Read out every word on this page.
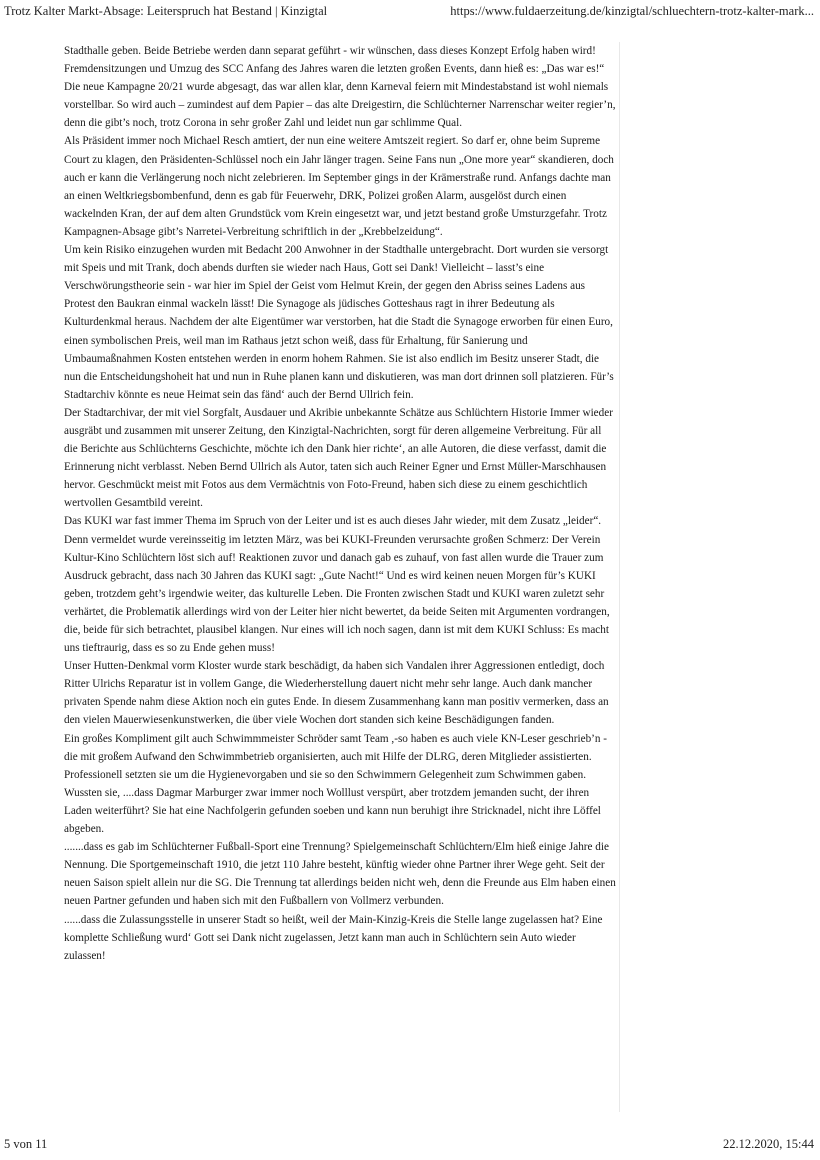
Trotz Kalter Markt-Absage: Leiterspruch hat Bestand | Kinzigtal	https://www.fuldaerzeitung.de/kinzigtal/schluechtern-trotz-kalter-mark...

Stadthalle geben. Beide Betriebe werden dann separat geführt - wir wünschen, dass dieses Konzept Erfolg haben wird! Fremdensitzungen und Umzug des SCC Anfang des Jahres waren die letzten großen Events, dann hieß es: „Das war es!“ Die neue Kampagne 20/21 wurde abgesagt, das war allen klar, denn Karneval feiern mit Mindestabstand ist wohl niemals vorstellbar. So wird auch – zumindest auf dem Papier – das alte Dreigestirn, die Schlüchterner Narrenschar weiter regier’n, denn die gibt’s noch, trotz Corona in sehr großer Zahl und leidet nun gar schlimme Qual.

Als Präsident immer noch Michael Resch amtiert, der nun eine weitere Amtszeit regiert. So darf er, ohne beim Supreme Court zu klagen, den Präsidenten-Schlüssel noch ein Jahr länger tragen. Seine Fans nun „One more year“ skandieren, doch auch er kann die Verlängerung noch nicht zelebrieren. Im September gings in der Krämerstraße rund. Anfangs dachte man an einen Weltkriegsbombenfund, denn es gab für Feuerwehr, DRK, Polizei großen Alarm, ausgelöst durch einen wackelnden Kran, der auf dem alten Grundstück vom Krein eingesetzt war, und jetzt bestand große Umsturzgefahr. Trotz Kampagnen-Absage gibt’s Narretei-Verbreitung schriftlich in der „Krebbelzeidung“.

Um kein Risiko einzugehen wurden mit Bedacht 200 Anwohner in der Stadthalle untergebracht. Dort wurden sie versorgt mit Speis und mit Trank, doch abends durften sie wieder nach Haus, Gott sei Dank! Vielleicht – lasst’s eine Verschwörungstheorie sein - war hier im Spiel der Geist vom Helmut Krein, der gegen den Abriss seines Ladens aus Protest den Baukran einmal wackeln lässt! Die Synagoge als jüdisches Gotteshaus ragt in ihrer Bedeutung als Kulturdenkmal heraus. Nachdem der alte Eigentümer war verstorben, hat die Stadt die Synagoge erworben für einen Euro, einen symbolischen Preis, weil man im Rathaus jetzt schon weiß, dass für Erhaltung, für Sanierung und Umbaumaßnahmen Kosten entstehen werden in enorm hohem Rahmen. Sie ist also endlich im Besitz unserer Stadt, die nun die Entscheidungshoheit hat und nun in Ruhe planen kann und diskutieren, was man dort drinnen soll platzieren. Für’s Stadtarchiv könnte es neue Heimat sein das fänd‘ auch der Bernd Ullrich fein.

Der Stadtarchivar, der mit viel Sorgfalt, Ausdauer und Akribie unbekannte Schätze aus Schlüchtern Historie Immer wieder ausgräbt und zusammen mit unserer Zeitung, den Kinzigtal-Nachrichten, sorgt für deren allgemeine Verbreitung. Für all die Berichte aus Schlüchterns Geschichte, möchte ich den Dank hier richte‘, an alle Autoren, die diese verfasst, damit die Erinnerung nicht verblasst. Neben Bernd Ullrich als Autor, taten sich auch Reiner Egner und Ernst Müller-Marschhausen hervor. Geschmückt meist mit Fotos aus dem Vermächtnis von Foto-Freund, haben sich diese zu einem geschichtlich wertvollen Gesamtbild vereint.

Das KUKI war fast immer Thema im Spruch von der Leiter und ist es auch dieses Jahr wieder, mit dem Zusatz „leider“. Denn vermeldet wurde vereinsseitig im letzten März, was bei KUKI-Freunden verursachte großen Schmerz: Der Verein Kultur-Kino Schlüchtern löst sich auf! Reaktionen zuvor und danach gab es zuhauf, von fast allen wurde die Trauer zum Ausdruck gebracht, dass nach 30 Jahren das KUKI sagt: „Gute Nacht!“ Und es wird keinen neuen Morgen für’s KUKI geben, trotzdem geht’s irgendwie weiter, das kulturelle Leben. Die Fronten zwischen Stadt und KUKI waren zuletzt sehr verhärtet, die Problematik allerdings wird von der Leiter hier nicht bewertet, da beide Seiten mit Argumenten vordrangen, die, beide für sich betrachtet, plausibel klangen. Nur eines will ich noch sagen, dann ist mit dem KUKI Schluss: Es macht uns tieftraurig, dass es so zu Ende gehen muss!

Unser Hutten-Denkmal vorm Kloster wurde stark beschädigt, da haben sich Vandalen ihrer Aggressionen entledigt, doch Ritter Ulrichs Reparatur ist in vollem Gange, die Wiederherstellung dauert nicht mehr sehr lange. Auch dank mancher privaten Spende nahm diese Aktion noch ein gutes Ende. In diesem Zusammenhang kann man positiv vermerken, dass an den vielen Mauerwiesenkunstwerken, die über viele Wochen dort standen sich keine Beschädigungen fanden.

Ein großes Kompliment gilt auch Schwimmmeister Schröder samt Team ,-so haben es auch viele KN-Leser geschrieb’n - die mit großem Aufwand den Schwimmbetrieb organisierten, auch mit Hilfe der DLRG, deren Mitglieder assistierten. Professionell setzten sie um die Hygienevorgaben und sie so den Schwimmern Gelegenheit zum Schwimmen gaben.

Wussten sie, ....dass Dagmar Marburger zwar immer noch Wolllust verspürt, aber trotzdem jemanden sucht, der ihren Laden weiterführt? Sie hat eine Nachfolgerin gefunden soeben und kann nun beruhigt ihre Stricknadel, nicht ihre Löffel abgeben.

.......dass es gab im Schlüchterner Fußball-Sport eine Trennung? Spielgemeinschaft Schlüchtern/Elm hieß einige Jahre die Nennung. Die Sportgemeinschaft 1910, die jetzt 110 Jahre besteht, künftig wieder ohne Partner ihrer Wege geht. Seit der neuen Saison spielt allein nur die SG. Die Trennung tat allerdings beiden nicht weh, denn die Freunde aus Elm haben einen neuen Partner gefunden und haben sich mit den Fußballern von Vollmerz verbunden.

......dass die Zulassungsstelle in unserer Stadt so heißt, weil der Main-Kinzig-Kreis die Stelle lange zugelassen hat? Eine komplette Schließung wurd‘ Gott sei Dank nicht zugelassen, Jetzt kann man auch in Schlüchtern sein Auto wieder zulassen!

5 von 11	22.12.2020, 15:44
